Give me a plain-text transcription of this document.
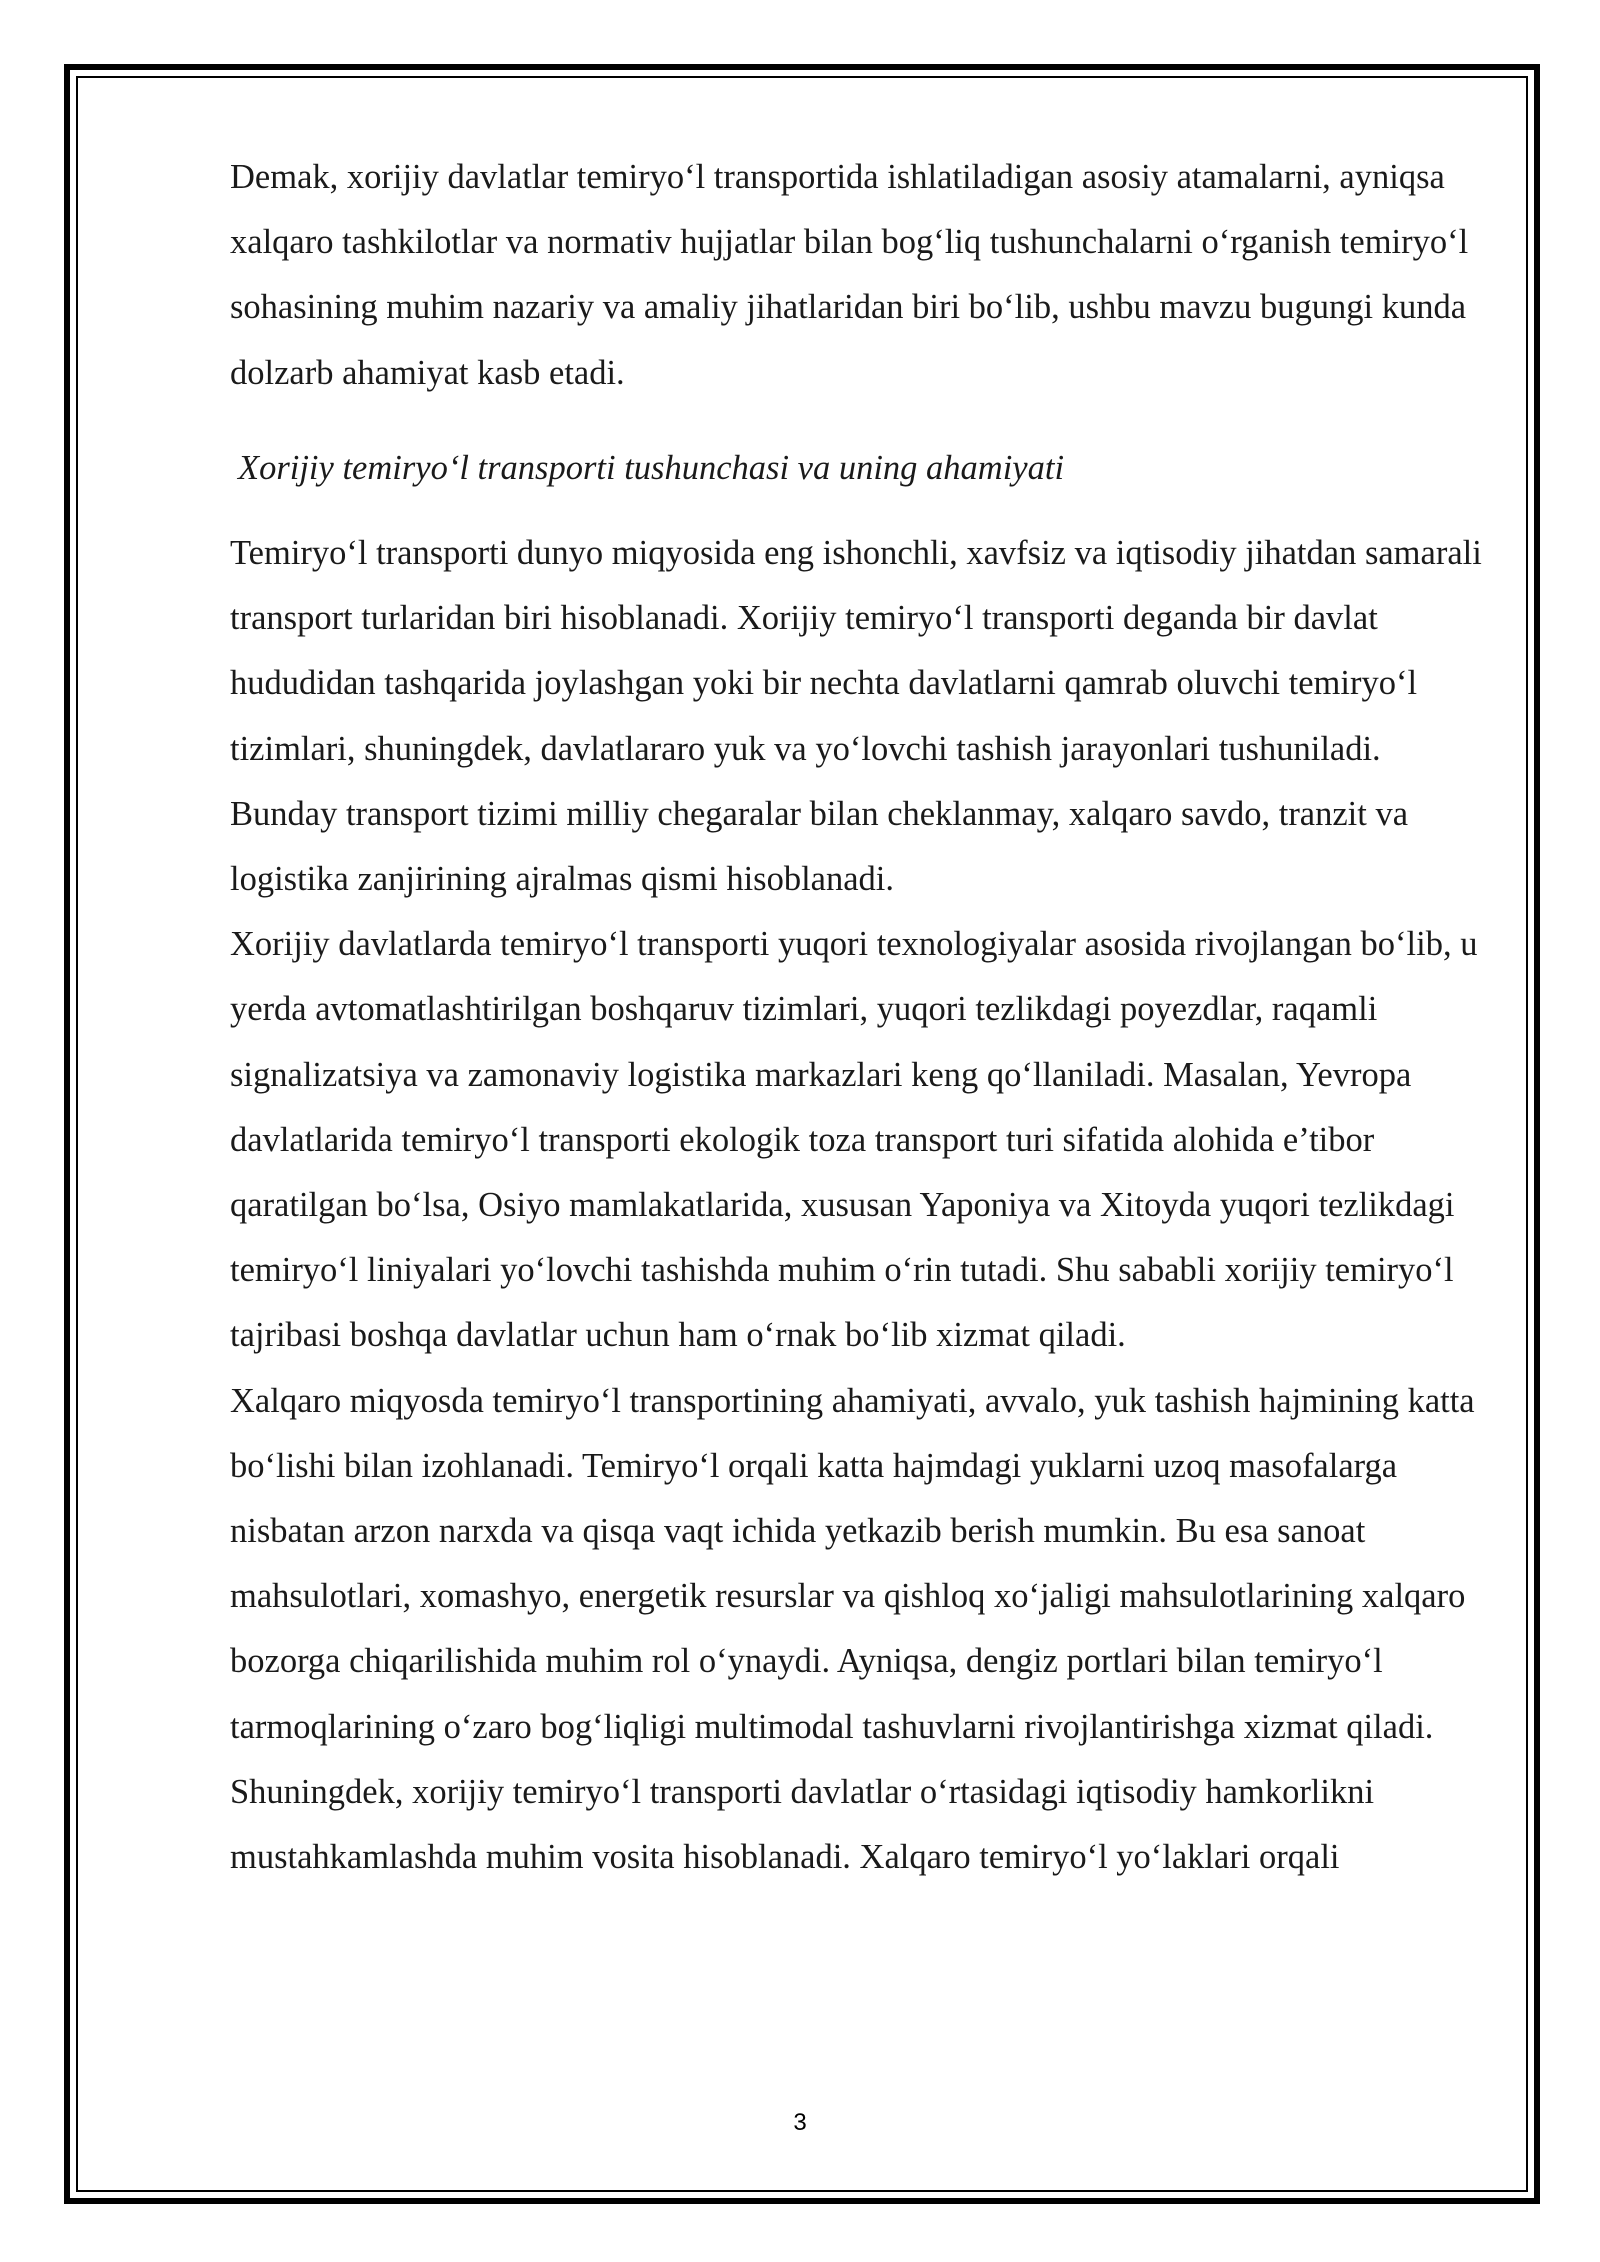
Demak, xorijiy davlatlar temiryo‘l transportida ishlatiladigan asosiy atamalarni, ayniqsa xalqaro tashkilotlar va normativ hujjatlar bilan bog‘liq tushunchalarni o‘rganish temiryo‘l sohasining muhim nazariy va amaliy jihatlaridan biri bo‘lib, ushbu mavzu bugungi kunda dolzarb ahamiyat kasb etadi.

Xorijiy temiryo‘l transporti tushunchasi va uning ahamiyati

Temiryo‘l transporti dunyo miqyosida eng ishonchli, xavfsiz va iqtisodiy jihatdan samarali transport turlaridan biri hisoblanadi. Xorijiy temiryo‘l transporti deganda bir davlat hududidan tashqarida joylashgan yoki bir nechta davlatlarni qamrab oluvchi temiryo‘l tizimlari, shuningdek, davlatlararo yuk va yo‘lovchi tashish jarayonlari tushuniladi. Bunday transport tizimi milliy chegaralar bilan cheklanmay, xalqaro savdo, tranzit va logistika zanjirining ajralmas qismi hisoblanadi.

Xorijiy davlatlarda temiryo‘l transporti yuqori texnologiyalar asosida rivojlangan bo‘lib, u yerda avtomatlashtirilgan boshqaruv tizimlari, yuqori tezlikdagi poyezdlar, raqamli signalizatsiya va zamonaviy logistika markazlari keng qo‘llaniladi. Masalan, Yevropa davlatlarida temiryo‘l transporti ekologik toza transport turi sifatida alohida e’tibor qaratilgan bo‘lsa, Osiyo mamlakatlarida, xususan Yaponiya va Xitoyda yuqori tezlikdagi temiryo‘l liniyalari yo‘lovchi tashishda muhim o‘rin tutadi. Shu sababli xorijiy temiryo‘l tajribasi boshqa davlatlar uchun ham o‘rnak bo‘lib xizmat qiladi.

Xalqaro miqyosda temiryo‘l transportining ahamiyati, avvalo, yuk tashish hajmining katta bo‘lishi bilan izohlanadi. Temiryo‘l orqali katta hajmdagi yuklarni uzoq masofalarga nisbatan arzon narxda va qisqa vaqt ichida yetkazib berish mumkin. Bu esa sanoat mahsulotlari, xomashyo, energetik resurslar va qishloq xo‘jaligi mahsulotlarining xalqaro bozorga chiqarilishida muhim rol o‘ynaydi. Ayniqsa, dengiz portlari bilan temiryo‘l tarmoqlarining o‘zaro bog‘liqligi multimodal tashuvlarni rivojlantirishga xizmat qiladi.

Shuningdek, xorijiy temiryo‘l transporti davlatlar o‘rtasidagi iqtisodiy hamkorlikni mustahkamlashda muhim vosita hisoblanadi. Xalqaro temiryo‘l yo‘laklari orqali

3
